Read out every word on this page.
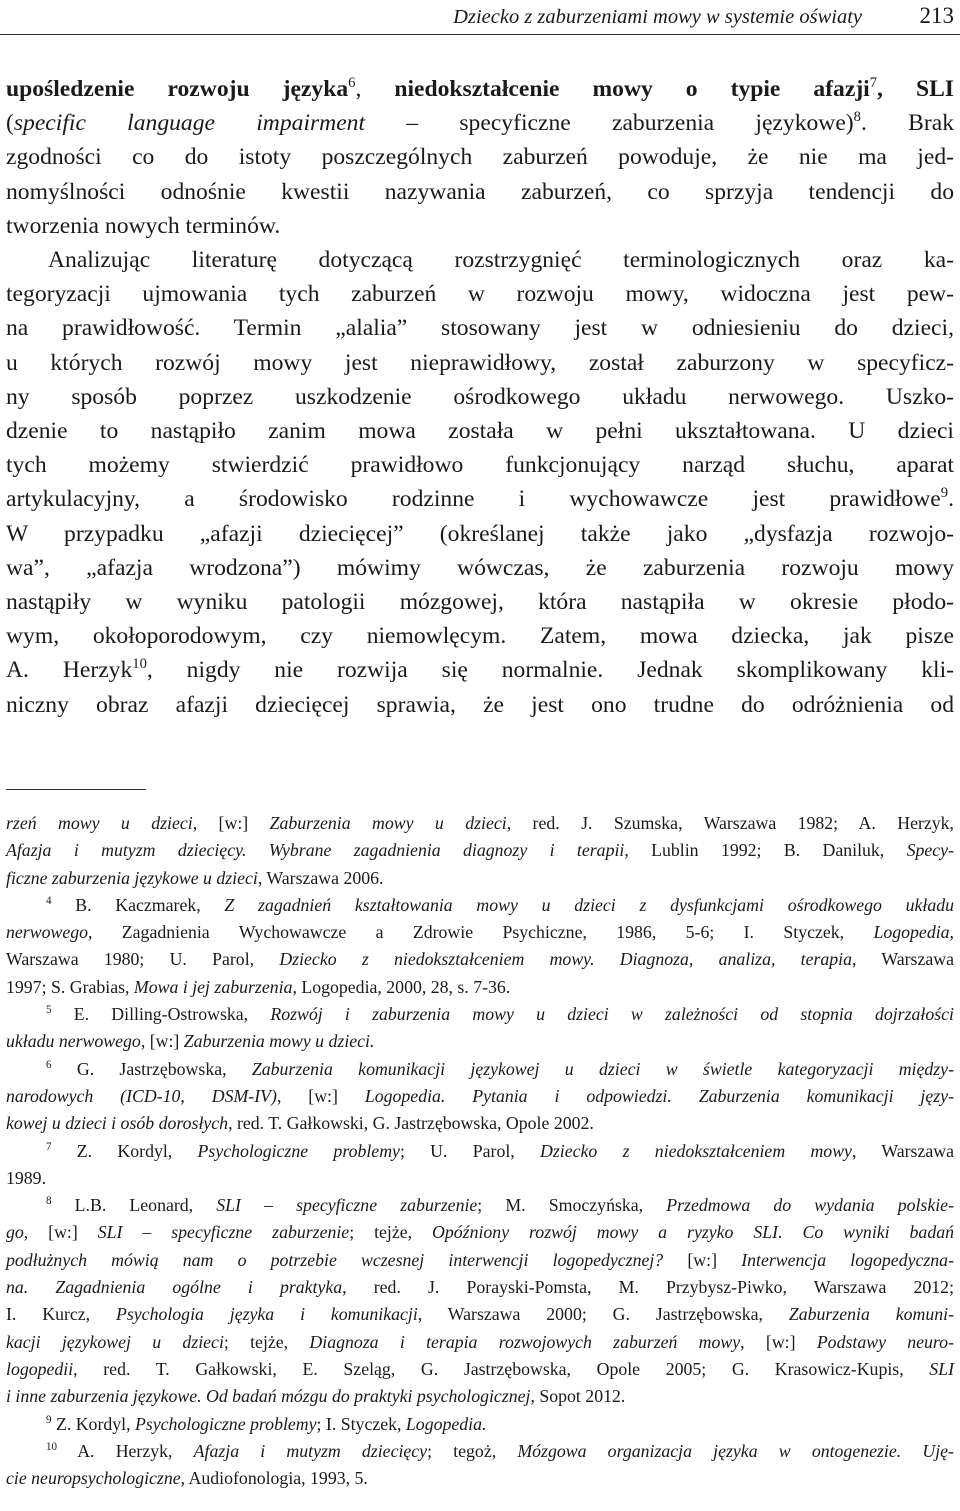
Dziecko z zaburzeniami mowy w systemie oświaty	213

upośledzenie rozwoju języka$^6$, niedokształcenie mowy o typie afazji$^7$, SLI
(specific language impairment – specyficzne zaburzenia językowe)$^8$. Brak
zgodności co do istoty poszczególnych zaburzeń powoduje, że nie ma jed-
nomyślności odnośnie kwestii nazywania zaburzeń, co sprzyja tendencji do
tworzenia nowych terminów.

Analizując literaturę dotyczącą rozstrzygnięć terminologicznych oraz ka-
tegoryzacji ujmowania tych zaburzeń w rozwoju mowy, widoczna jest pew-
na prawidłowość. Termin „alalia” stosowany jest w odniesieniu do dzieci,
u których rozwój mowy jest nieprawidłowy, został zaburzony w specyficz-
ny sposób poprzez uszkodzenie ośrodkowego układu nerwowego. Uszko-
dzenie to nastąpiło zanim mowa została w pełni ukształtowana. U dzieci
tych możemy stwierdzić prawidłowo funkcjonujący narząd słuchu, aparat
artykulacyjny, a środowisko rodzinne i wychowawcze jest prawidłowe$^9$.
W przypadku „afazji dziecięcej” (określanej także jako „dysfazja rozwojo-
wa”, „afazja wrodzona”) mówimy wówczas, że zaburzenia rozwoju mowy
nastąpiły w wyniku patologii mózgowej, która nastąpiła w okresie płodo-
wym, okołoporodowym, czy niemowlęcym. Zatem, mowa dziecka, jak pisze
A. Herzyk$^{10}$, nigdy nie rozwija się normalnie. Jednak skomplikowany kli-
niczny obraz afazji dziecięcej sprawia, że jest ono trudne do odróżnienia od

rzeń mowy u dzieci, [w:] Zaburzenia mowy u dzieci, red. J. Szumska, Warszawa 1982; A. Herzyk,
Afazja i mutyzm dziecięcy. Wybrane zagadnienia diagnozy i terapii, Lublin 1992; B. Daniluk, Specy-
ficzne zaburzenia językowe u dzieci, Warszawa 2006.
$^4$ B. Kaczmarek, Z zagadnień kształtowania mowy u dzieci z dysfunkcjami ośrodkowego układu
nerwowego, Zagadnienia Wychowawcze a Zdrowie Psychiczne, 1986, 5-6; I. Styczek, Logopedia,
Warszawa 1980; U. Parol, Dziecko z niedokształceniem mowy. Diagnoza, analiza, terapia, Warszawa
1997; S. Grabias, Mowa i jej zaburzenia, Logopedia, 2000, 28, s. 7-36.
$^5$ E. Dilling-Ostrowska, Rozwój i zaburzenia mowy u dzieci w zależności od stopnia dojrzałości
układu nerwowego, [w:] Zaburzenia mowy u dzieci.
$^6$ G. Jastrzębowska, Zaburzenia komunikacji językowej u dzieci w świetle kategoryzacji między-
narodowych (ICD-10, DSM-IV), [w:] Logopedia. Pytania i odpowiedzi. Zaburzenia komunikacji języ-
kowej u dzieci i osób dorosłych, red. T. Gałkowski, G. Jastrzębowska, Opole 2002.
$^7$ Z. Kordyl, Psychologiczne problemy; U. Parol, Dziecko z niedokształceniem mowy, Warszawa
1989.
$^8$ L.B. Leonard, SLI – specyficzne zaburzenie; M. Smoczyńska, Przedmowa do wydania polskie-
go, [w:] SLI – specyficzne zaburzenie; tejże, Opóźniony rozwój mowy a ryzyko SLI. Co wyniki badań
podłużnych mówią nam o potrzebie wczesnej interwencji logopedycznej? [w:] Interwencja logopedyczna-
na. Zagadnienia ogólne i praktyka, red. J. Porayski-Pomsta, M. Przybysz-Piwko, Warszawa 2012;
I. Kurcz, Psychologia języka i komunikacji, Warszawa 2000; G. Jastrzębowska, Zaburzenia komuni-
kacji językowej u dzieci; tejże, Diagnoza i terapia rozwojowych zaburzeń mowy, [w:] Podstawy neuro-
logopedii, red. T. Gałkowski, E. Szeląg, G. Jastrzębowska, Opole 2005; G. Krasowicz-Kupis, SLI
i inne zaburzenia językowe. Od badań mózgu do praktyki psychologicznej, Sopot 2012.
$^9$ Z. Kordyl, Psychologiczne problemy; I. Styczek, Logopedia.
$^{10}$ A. Herzyk, Afazja i mutyzm dziecięcy; tegoż, Mózgowa organizacja języka w ontogenezie. Uję-
cie neuropsychologiczne, Audiofonologia, 1993, 5.
